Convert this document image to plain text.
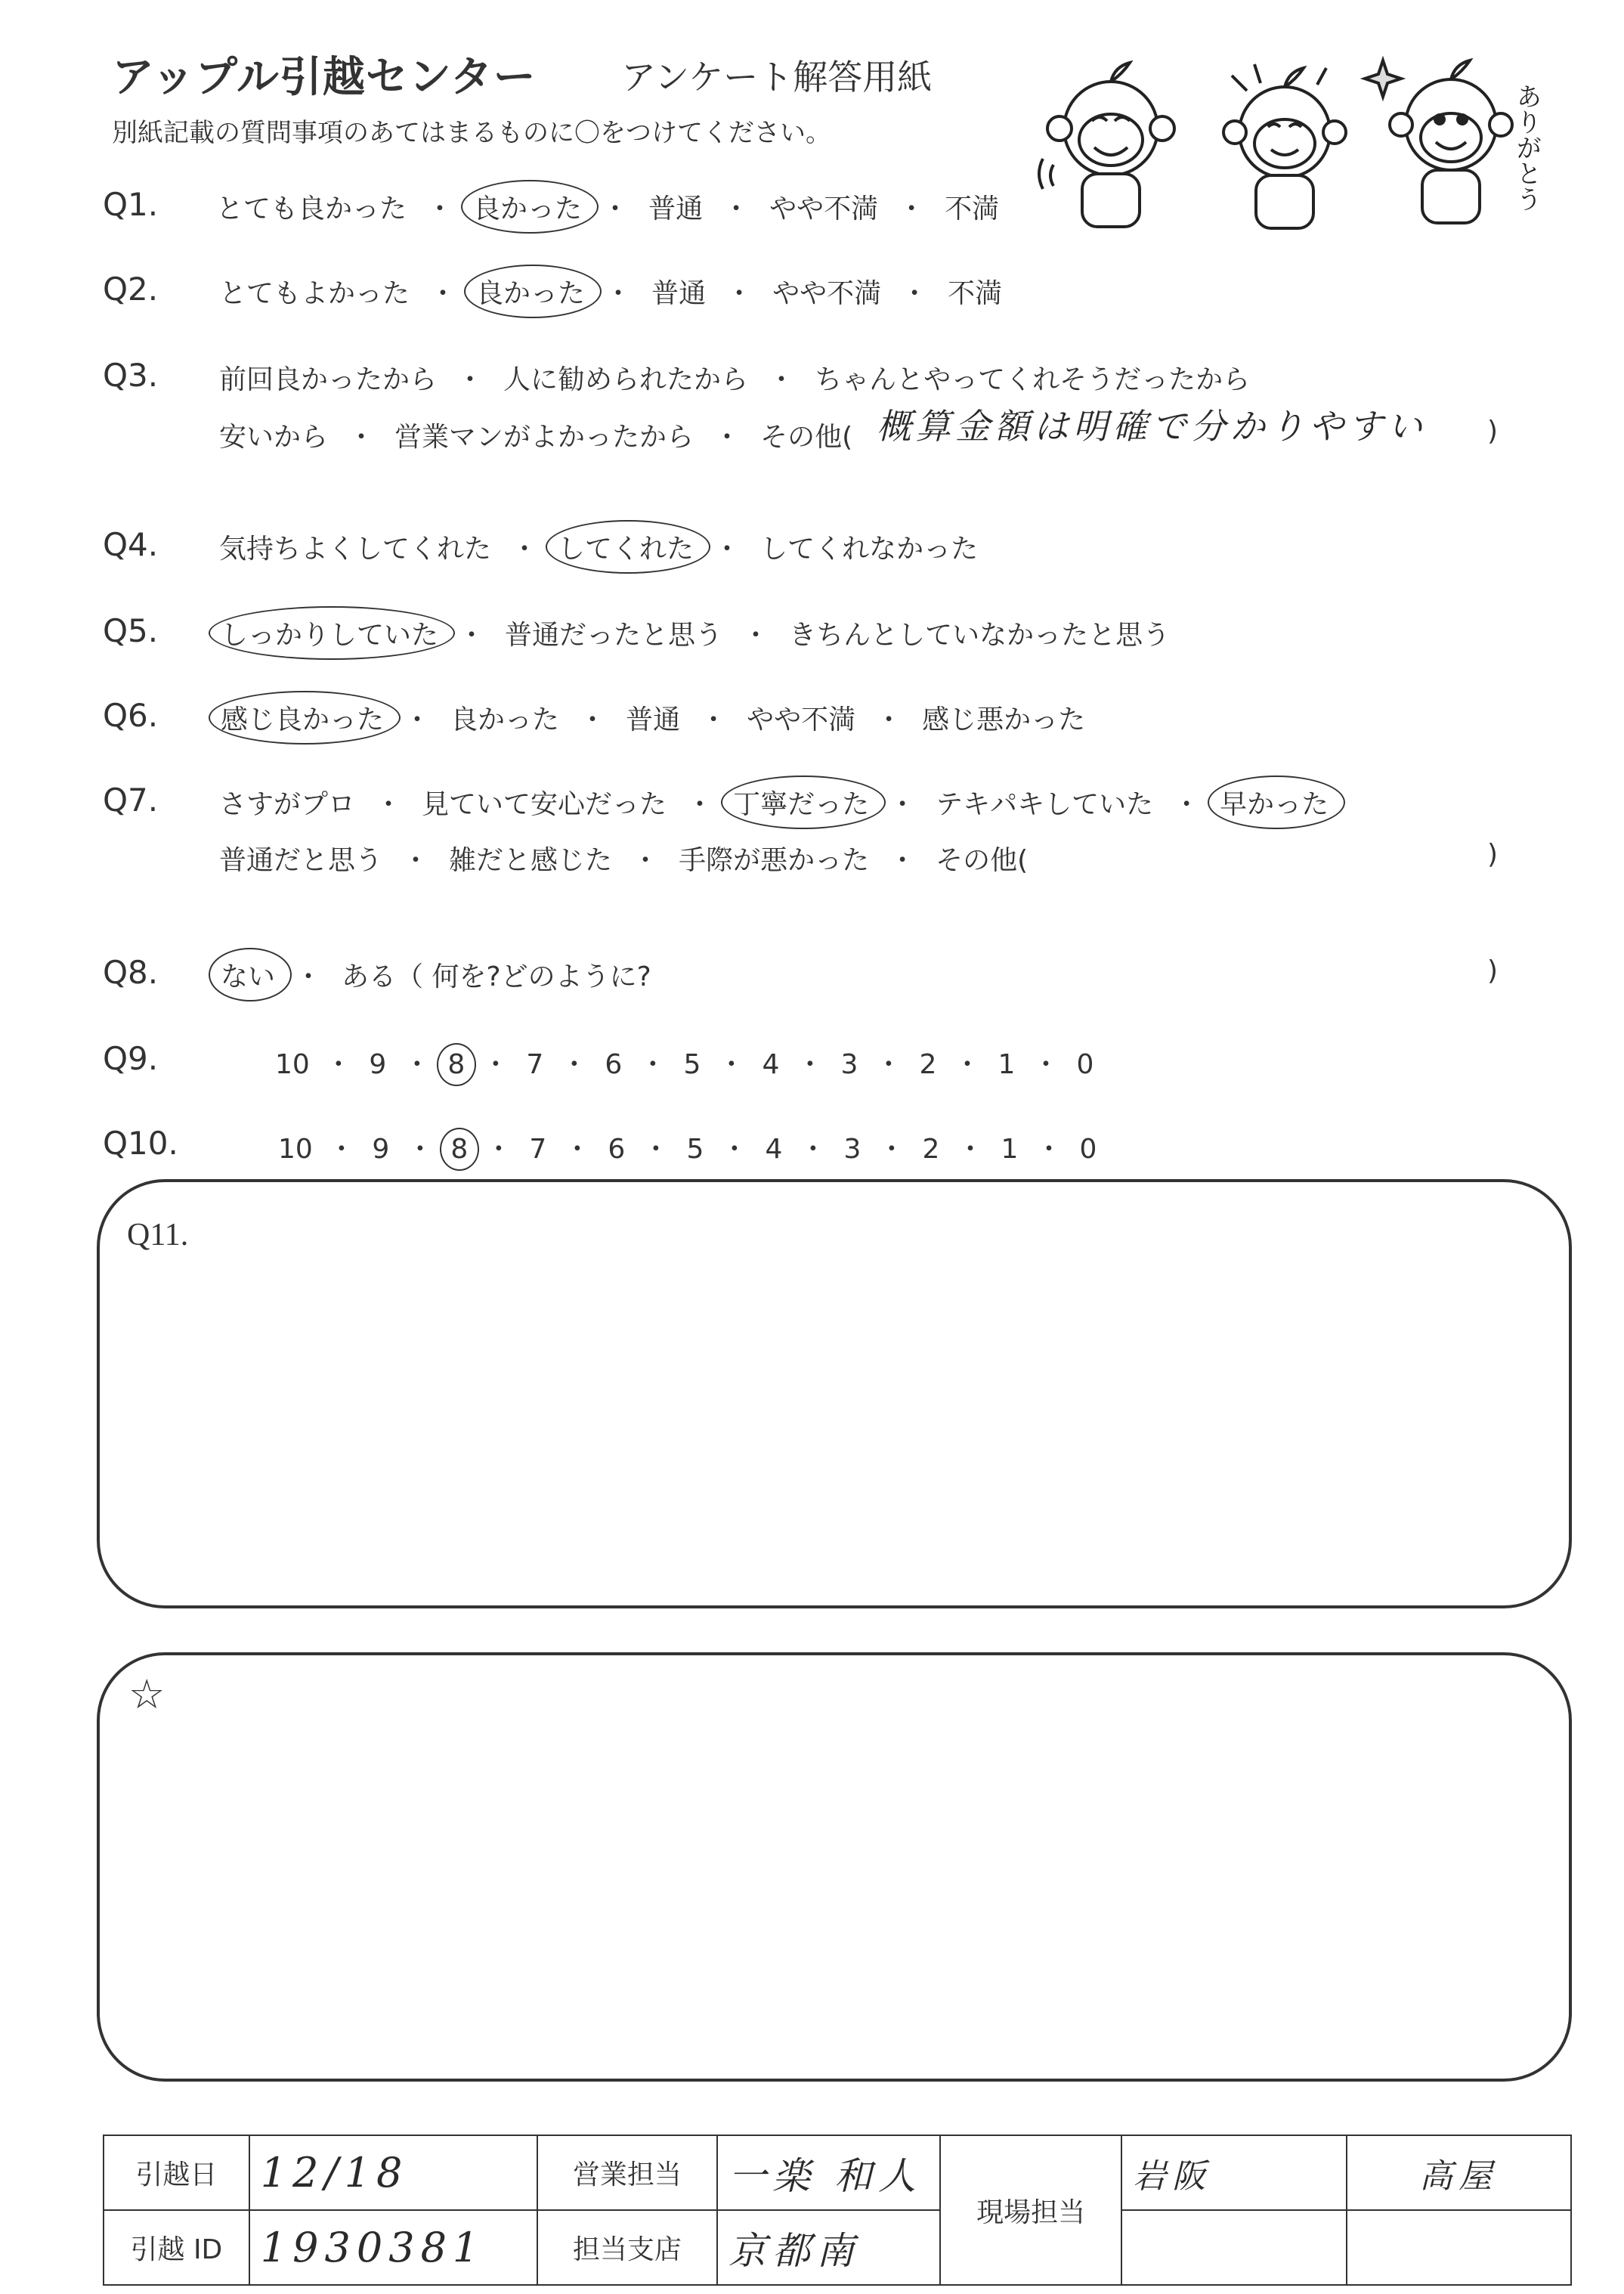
アップル引越センター アンケート解答用紙
別紙記載の質問事項のあてはまるものに〇をつけてください。	ありがとう
Q1. とても良かった ・ 良かった ・ 普通 ・ やや不満 ・ 不満
Q2. とてもよかった ・ 良かった ・ 普通 ・ やや不満 ・ 不満
Q3. 前回良かったから ・ 人に勧められたから ・ ちゃんとやってくれそうだったから
安いから ・ 営業マンがよかったから ・ その他( 概算金額は明確で分かりやすい )
Q4. 気持ちよくしてくれた ・ してくれた ・ してくれなかった
Q5. しっかりしていた ・ 普通だったと思う ・ きちんとしていなかったと思う
Q6. 感じ良かった ・ 良かった ・ 普通 ・ やや不満 ・ 感じ悪かった
Q7. さすがプロ ・ 見ていて安心だった ・ 丁寧だった ・ テキパキしていた ・ 早かった
普通だと思う ・ 雑だと感じた ・ 手際が悪かった ・ その他(	)
Q8. ない ・ ある（ 何を?どのように?	)
Q9.	10 ・ 9 ・ 8 ・ 7 ・ 6 ・ 5 ・ 4 ・ 3 ・ 2 ・ 1 ・ 0
Q10.	10 ・ 9 ・ 8 ・ 7 ・ 6 ・ 5 ・ 4 ・ 3 ・ 2 ・ 1 ・ 0
Q11.
☆
引越日	12/18	営業担当	一楽 和人	現場担当	岩阪	高屋
引越 ID	1930381	担当支店	京都南			
